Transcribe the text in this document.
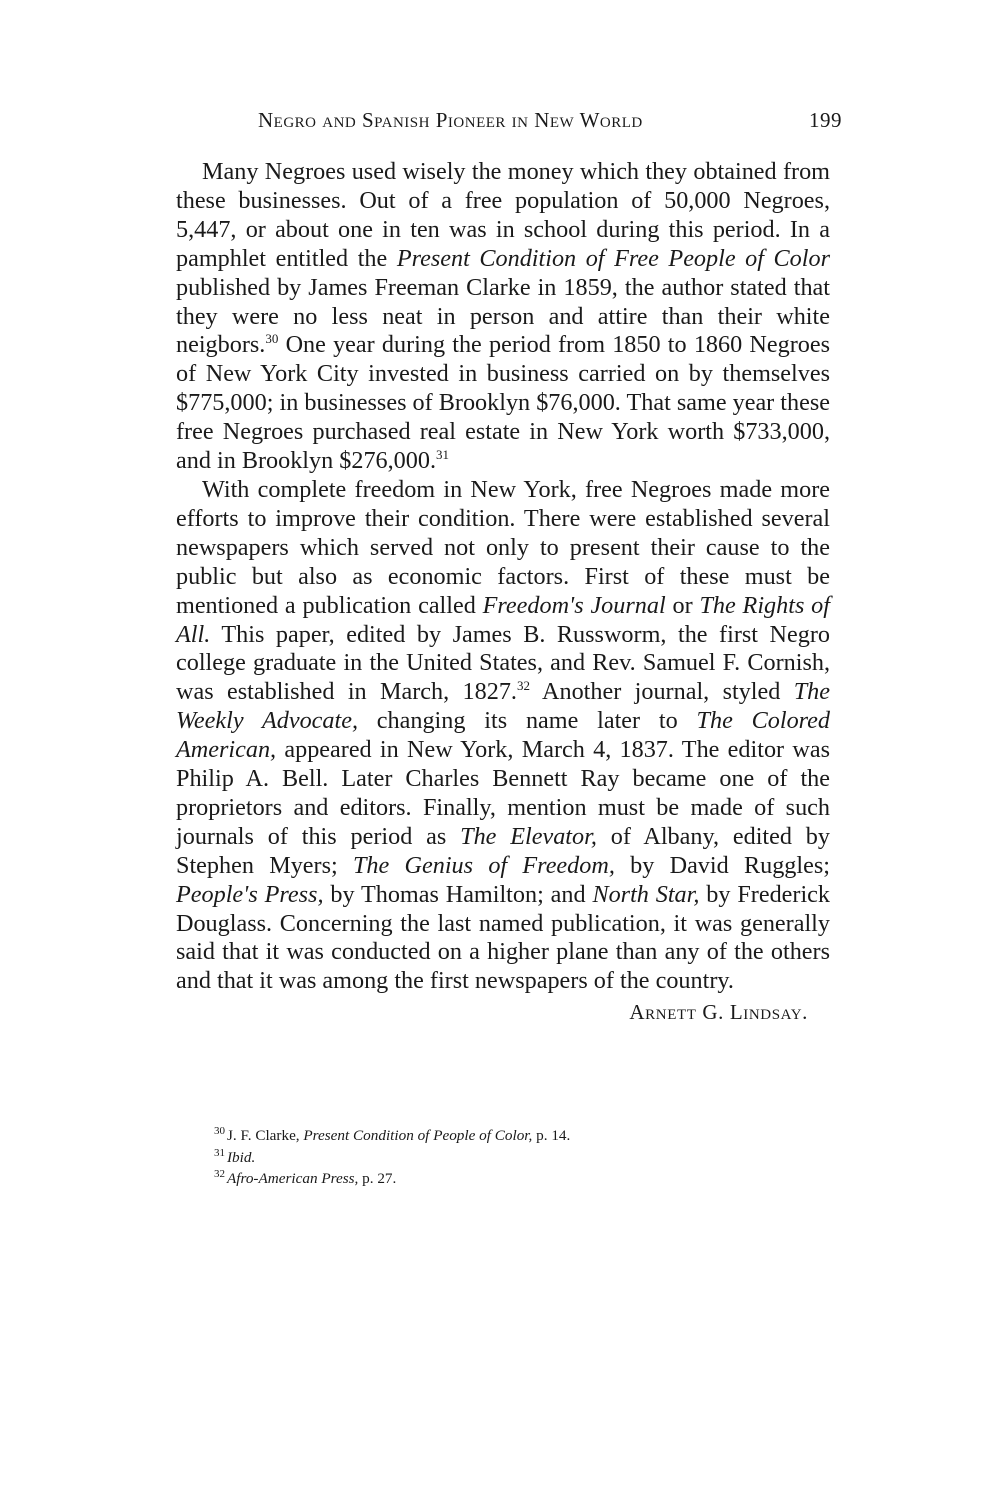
Negro and Spanish Pioneer in New World	199

Many Negroes used wisely the money which they obtained from these businesses. Out of a free population of 50,000 Negroes, 5,447, or about one in ten was in school during this period. In a pamphlet entitled the Present Condition of Free People of Color published by James Freeman Clarke in 1859, the author stated that they were no less neat in person and attire than their white neigbors.$^{30}$ One year during the period from 1850 to 1860 Negroes of New York City invested in business carried on by themselves $775,000; in businesses of Brooklyn $76,000. That same year these free Negroes purchased real estate in New York worth $733,000, and in Brooklyn $276,000.31

With complete freedom in New York, free Negroes made more efforts to improve their condition. There were established several newspapers which served not only to present their cause to the public but also as economic factors. First of these must be mentioned a publication called Freedom's Journal or The Rights of All. This paper, edited by James B. Russworm, the first Negro college graduate in the United States, and Rev. Samuel F. Cornish, was established in March, 1827.32 Another journal, styled The Weekly Advocate, changing its name later to The Colored American, appeared in New York, March 4, 1837. The editor was Philip A. Bell. Later Charles Bennett Ray became one of the proprietors and editors. Finally, mention must be made of such journals of this period as The Elevator, of Albany, edited by Stephen Myers; The Genius of Freedom, by David Ruggles; People's Press, by Thomas Hamilton; and North Star, by Frederick Douglass. Concerning the last named publication, it was generally said that it was conducted on a higher plane than any of the others and that it was among the first newspapers of the country.

Arnett G. Lindsay.
$^{30}$ J. F. Clarke, Present Condition of People of Color, p. 14.
$^{31}$ Ibid.
$^{32}$ Afro-American Press, p. 27.
